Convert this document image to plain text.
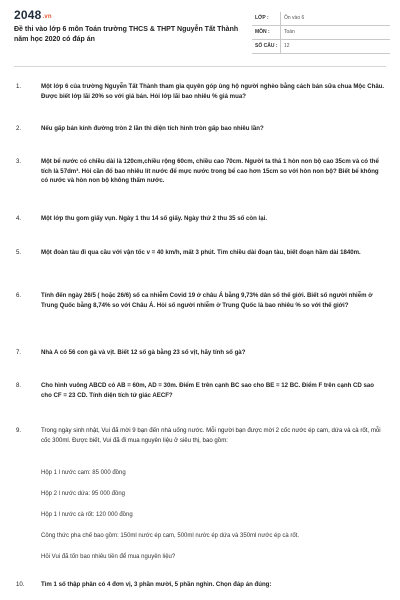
2048.vn
Đề thi vào lớp 6 môn Toán trường THCS & THPT Nguyễn Tất Thành năm học 2020 có đáp án
LỚP :	Ôn vào 6
MÔN :	Toán
SỐ CÂU : 12
1.	Một lớp 6 của trường Nguyễn Tất Thành tham gia quyên góp ủng hộ người nghèo bằng cách bán sữa chua Mộc Châu. Được biết lớp lãi 20% so với giá bán. Hỏi lớp lãi bao nhiêu % giá mua?
2.	Nếu gấp bán kính đường tròn 2 lần thì diện tích hình tròn gấp bao nhiêu lần?
3.	Một bể nước có chiều dài là 120cm,chiều rộng 60cm, chiều cao 70cm. Người ta thả 1 hòn non bộ cao 35cm và có thể tích là 57dm³. Hỏi cần đổ bao nhiêu lít nước để mực nước trong bể cao hơn 15cm so với hòn non bộ? Biết bể không có nước và hòn non bộ không thấm nước.
4.	Một lớp thu gom giấy vụn. Ngày 1 thu 14 số giấy. Ngày thứ 2 thu 35 số còn lại.
5.	Một đoàn tàu đi qua cầu với vận tốc v = 40 km/h, mất 3 phút. Tìm chiều dài đoạn tàu, biết đoạn hầm dài 1840m.
6.	Tính đến ngày 26/5 ( hoặc 26/6) số ca nhiễm Covid 19 ở châu Á bằng 9,73% dân số thế giới. Biết số người nhiễm ở Trung Quốc bằng 8,74% so với Châu Á. Hỏi số người nhiễm ở Trung Quốc là bao nhiêu % so với thế giới?
7.	Nhà A có 56 con gà và vịt. Biết 12 số gà bằng 23 số vịt, hãy tính số gà?
8.	Cho hình vuông ABCD có AB = 60m, AD = 30m. Điểm E trên cạnh BC sao cho BE = 12 BC. Điểm F trên cạnh CD sao cho CF = 23 CD. Tính diện tích tứ giác AECF?
9.	Trong ngày sinh nhật, Vui đã mời 9 bạn đến nhà uống nước. Mỗi người bạn được mời 2 cốc nước ép cam, dứa và cà rốt, mỗi cốc 300ml. Được biết, Vui đã đi mua nguyên liệu ở siêu thị, bao gồm:
Hộp 1 l nước cam: 85 000 đồng
Hộp 2 l nước dứa: 95 000 đồng
Hộp 1 l nước cà rốt: 120 000 đồng
Công thức pha chế bao gồm: 150ml nước ép cam, 500ml nước ép dứa và 350ml nước ép cà rốt.
Hỏi Vui đã tốn bao nhiêu tiền để mua nguyên liệu?
10.	Tìm 1 số thập phân có 4 đơn vị, 3 phần mười, 5 phần nghìn. Chọn đáp án đúng:
